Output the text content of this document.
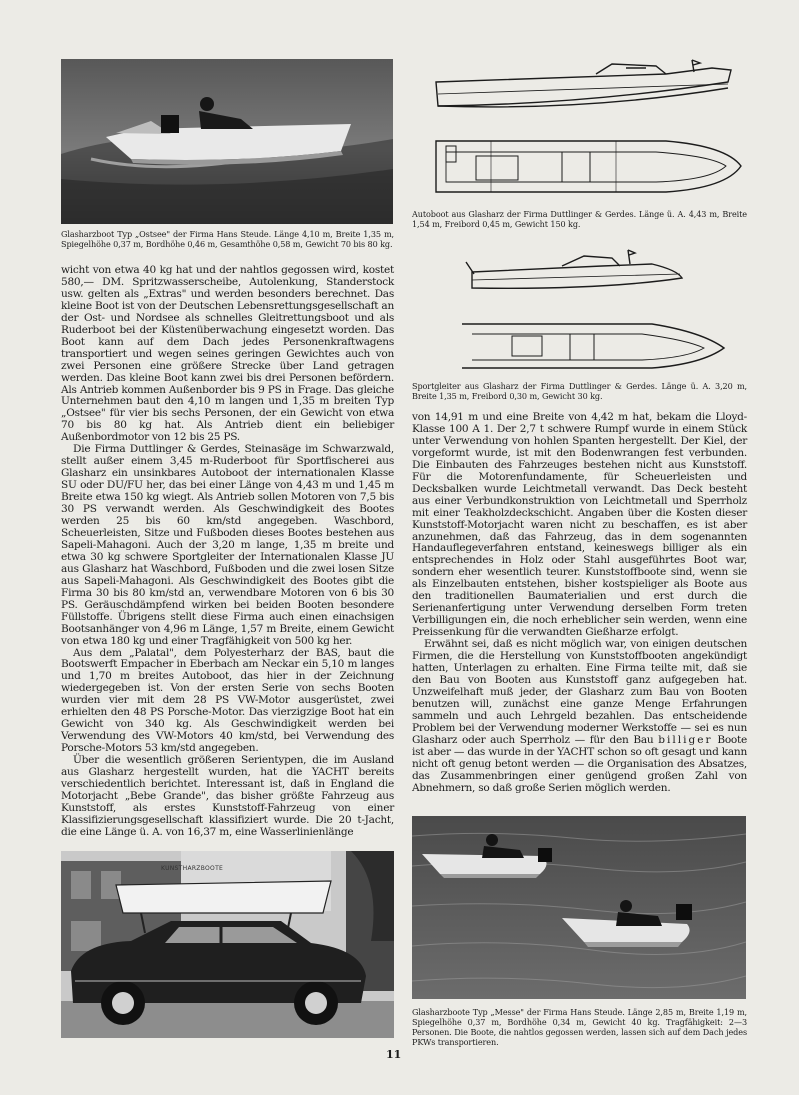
Glasharzboot Typ „Ostsee" der Firma Hans Steude. Länge 4,10 m, Breite 1,35 m, Spiegelhöhe 0,37 m, Bordhöhe 0,46 m, Gesamthöhe 0,58 m, Gewicht 70 bis 80 kg.
Autoboot aus Glasharz der Firma Duttlinger & Gerdes. Länge ü. A. 4,43 m, Breite 1,54 m, Freibord 0,45 m, Gewicht 150 kg.
Sportgleiter aus Glasharz der Firma Duttlinger & Gerdes. Länge ü. A. 3,20 m, Breite 1,35 m, Freibord 0,30 m, Gewicht 30 kg.

wicht von etwa 40 kg hat und der nahtlos gegossen wird, kostet 580,— DM. Spritzwasserscheibe, Autolenkung, Standerstock usw. gelten als „Extras" und werden besonders berechnet. Das kleine Boot ist von der Deutschen Lebensrettungsgesellschaft an der Ost- und Nordsee als schnelles Gleitrettungsboot und als Ruderboot bei der Küstenüberwachung eingesetzt worden. Das Boot kann auf dem Dach jedes Personenkraftwagens transportiert und wegen seines geringen Gewichtes auch von zwei Personen eine größere Strecke über Land getragen werden. Das kleine Boot kann zwei bis drei Personen befördern. Als Antrieb kommen Außenborder bis 9 PS in Frage. Das gleiche Unternehmen baut den 4,10 m langen und 1,35 m breiten Typ „Ostsee" für vier bis sechs Personen, der ein Gewicht von etwa 70 bis 80 kg hat. Als Antrieb dient ein beliebiger Außenbordmotor von 12 bis 25 PS.

Die Firma Duttlinger & Gerdes, Steinasäge im Schwarzwald, stellt außer einem 3,45 m-Ruderboot für Sportfischerei aus Glasharz ein unsinkbares Autoboot der internationalen Klasse SU oder DU/FU her, das bei einer Länge von 4,43 m und 1,45 m Breite etwa 150 kg wiegt. Als Antrieb sollen Motoren von 7,5 bis 30 PS verwandt werden. Als Geschwindigkeit des Bootes werden 25 bis 60 km/std angegeben. Waschbord, Scheuerleisten, Sitze und Fußboden dieses Bootes bestehen aus Sapeli-Mahagoni. Auch der 3,20 m lange, 1,35 m breite und etwa 30 kg schwere Sportgleiter der Internationalen Klasse JU aus Glasharz hat Waschbord, Fußboden und die zwei losen Sitze aus Sapeli-Mahagoni. Als Geschwindigkeit des Bootes gibt die Firma 30 bis 80 km/std an, verwendbare Motoren von 6 bis 30 PS. Geräuschdämpfend wirken bei beiden Booten besondere Füllstoffe. Übrigens stellt diese Firma auch einen einachsigen Bootsanhänger von 4,96 m Länge, 1,57 m Breite, einem Gewicht von etwa 180 kg und einer Tragfähigkeit von 500 kg her.

Aus dem „Palatal", dem Polyesterharz der BAS, baut die Bootswerft Empacher in Eberbach am Neckar ein 5,10 m langes und 1,70 m breites Autoboot, das hier in der Zeichnung wiedergegeben ist. Von der ersten Serie von sechs Booten wurden vier mit dem 28 PS VW-Motor ausgerüstet, zwei erhielten den 48 PS Porsche-Motor. Das vierzigzige Boot hat ein Gewicht von 340 kg. Als Geschwindigkeit werden bei Verwendung des VW-Motors 40 km/std, bei Verwendung des Porsche-Motors 53 km/std angegeben.

Über die wesentlich größeren Serientypen, die im Ausland aus Glasharz hergestellt wurden, hat die YACHT bereits verschiedentlich berichtet. Interessant ist, daß in England die Motorjacht „Bebe Grande", das bisher größte Fahrzeug aus Kunststoff, als erstes Kunststoff-Fahrzeug von einer Klassifizierungsgesellschaft klassifiziert wurde. Die 20 t-Jacht, die eine Länge ü. A. von 16,37 m, eine Wasserlinienlänge

von 14,91 m und eine Breite von 4,42 m hat, bekam die Lloyd-Klasse 100 A 1. Der 2,7 t schwere Rumpf wurde in einem Stück unter Verwendung von hohlen Spanten hergestellt. Der Kiel, der vorgeformt wurde, ist mit den Bodenwrangen fest verbunden. Die Einbauten des Fahrzeuges bestehen nicht aus Kunststoff. Für die Motorenfundamente, für Scheuerleisten und Decksbalken wurde Leichtmetall verwandt. Das Deck besteht aus einer Verbundkonstruktion von Leichtmetall und Sperrholz mit einer Teakholzdeckschicht. Angaben über die Kosten dieser Kunststoff-Motorjacht waren nicht zu beschaffen, es ist aber anzunehmen, daß das Fahrzeug, das in dem sogenannten Handauflegeverfahren entstand, keineswegs billiger als ein entsprechendes in Holz oder Stahl ausgeführtes Boot war, sondern eher wesentlich teurer. Kunststoffboote sind, wenn sie als Einzelbauten entstehen, bisher kostspieliger als Boote aus den traditionellen Baumaterialien und erst durch die Serienanfertigung unter Verwendung derselben Form treten Verbilligungen ein, die noch erheblicher sein werden, wenn eine Preissenkung für die verwandten Gießharze erfolgt.

Erwähnt sei, daß es nicht möglich war, von einigen deutschen Firmen, die die Herstellung von Kunststoffbooten angekündigt hatten, Unterlagen zu erhalten. Eine Firma teilte mit, daß sie den Bau von Booten aus Kunststoff ganz aufgegeben hat. Unzweifelhaft muß jeder, der Glasharz zum Bau von Booten benutzen will, zunächst eine ganze Menge Erfahrungen sammeln und auch Lehrgeld bezahlen. Das entscheidende Problem bei der Verwendung moderner Werkstoffe — sei es nun Glasharz oder auch Sperrholz — für den Bau billiger Boote ist aber — das wurde in der YACHT schon so oft gesagt und kann nicht oft genug betont werden — die Organisation des Absatzes, das Zusammenbringen einer genügend großen Zahl von Abnehmern, so daß große Serien möglich werden.

KUNSTHARZBOOTE
Glasharzboote Typ „Messe" der Firma Hans Steude. Länge 2,85 m, Breite 1,19 m, Spiegelhöhe 0,37 m, Bordhöhe 0,34 m, Gewicht 40 kg. Tragfähigkeit: 2—3 Personen. Die Boote, die nahtlos gegossen werden, lassen sich auf dem Dach jedes PKWs transportieren.
11
